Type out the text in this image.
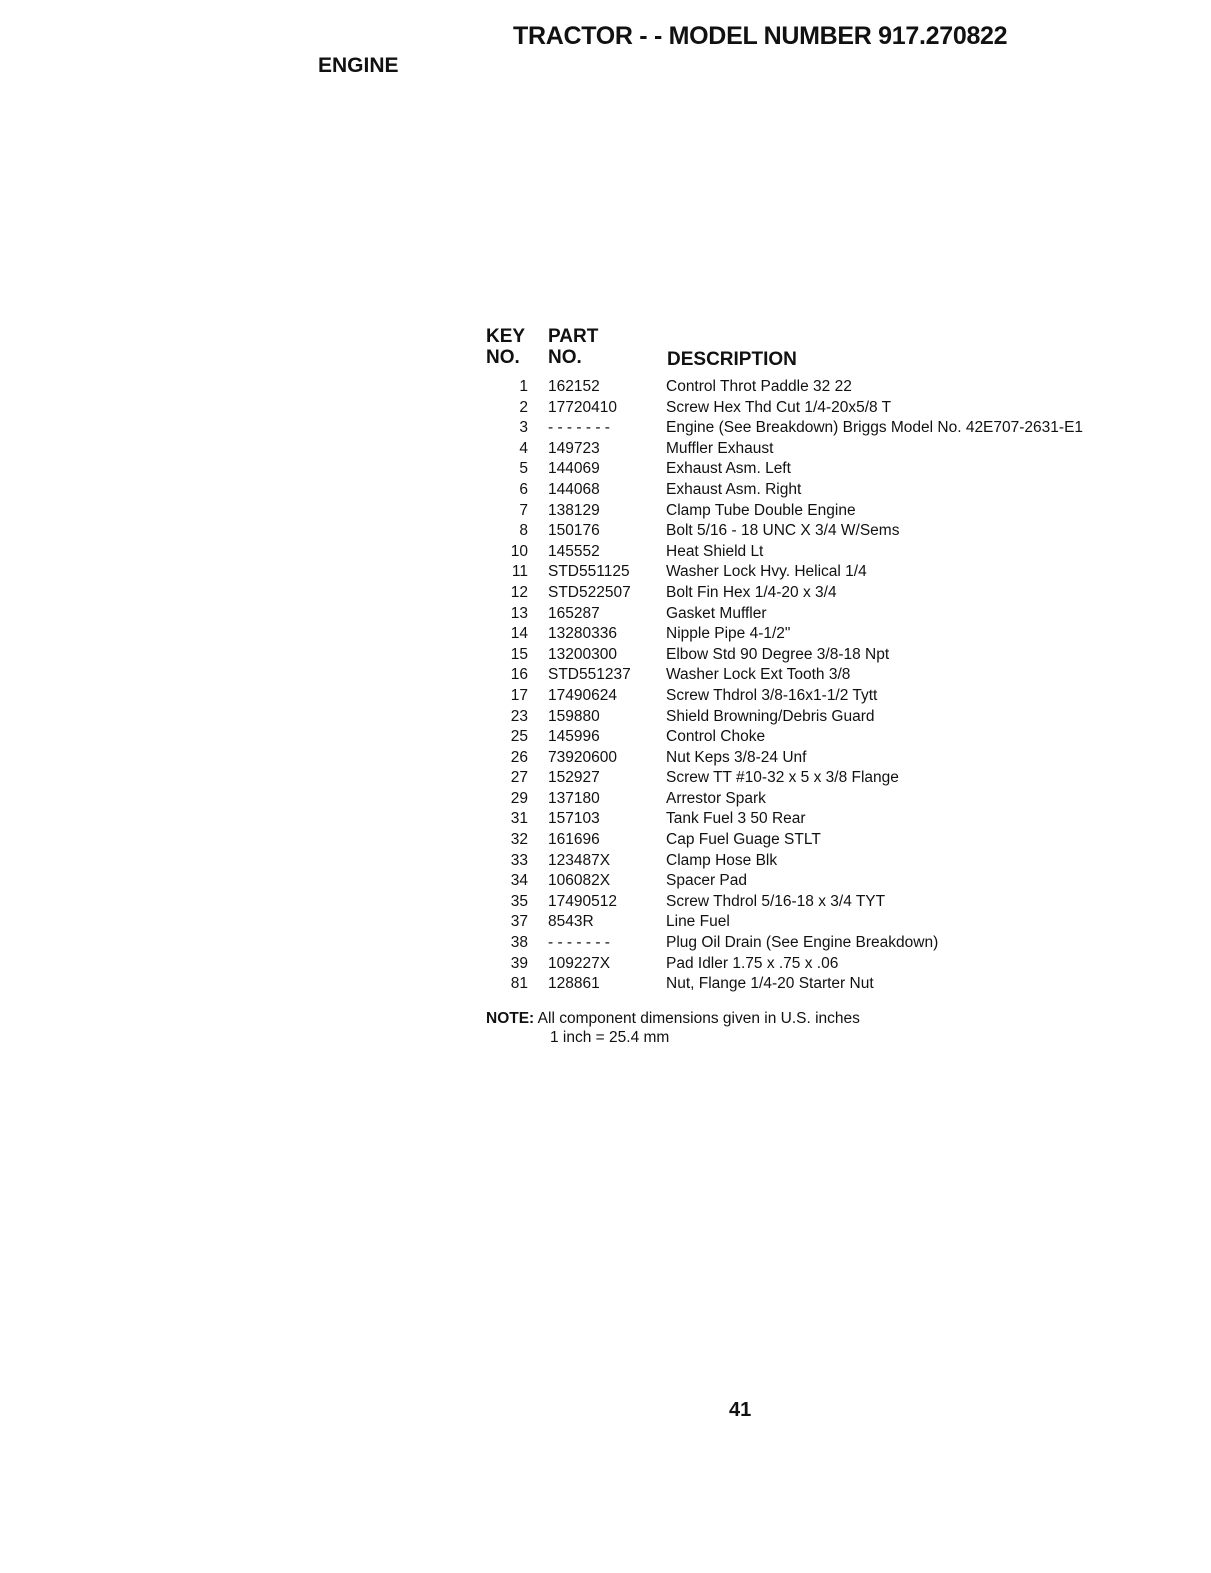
TRACTOR - - MODEL NUMBER 917.270822
ENGINE
KEY PART
NO. NO.	DESCRIPTION
1 162152	Control Throt Paddle 32 22
2 17720410	Screw Hex Thd Cut 1/4-20x5/8 T
3 - - - - - - -	Engine (See Breakdown) Briggs Model No. 42E707-2631-E1
4 149723	Muffler Exhaust
5 144069	Exhaust Asm. Left
6 144068	Exhaust Asm. Right
7 138129	Clamp Tube Double Engine
8 150176	Bolt 5/16 - 18 UNC X 3/4 W/Sems
10 145552	Heat Shield Lt
11 STD551125 Washer Lock Hvy. Helical 1/4
12 STD522507 Bolt Fin Hex 1/4-20 x 3/4
13 165287	Gasket Muffler
14 13280336	Nipple Pipe 4-1/2"
15 13200300	Elbow Std 90 Degree 3/8-18 Npt
16 STD551237 Washer Lock Ext Tooth 3/8
17 17490624	Screw Thdrol 3/8-16x1-1/2 Tytt
23 159880	Shield Browning/Debris Guard
25 145996	Control Choke
26 73920600	Nut Keps 3/8-24 Unf
27 152927	Screw TT #10-32 x 5 x 3/8 Flange
29 137180	Arrestor Spark
31 157103	Tank Fuel 3 50 Rear
32 161696	Cap Fuel Guage STLT
33 123487X	Clamp Hose Blk
34 106082X	Spacer Pad
35 17490512	Screw Thdrol 5/16-18 x 3/4 TYT
37 8543R	Line Fuel
38 - - - - - - -	Plug Oil Drain (See Engine Breakdown)
39 109227X	Pad Idler 1.75 x .75 x .06
81 128861	Nut, Flange 1/4-20 Starter Nut
NOTE: All component dimensions given in U.S. inches
1 inch = 25.4 mm
41
